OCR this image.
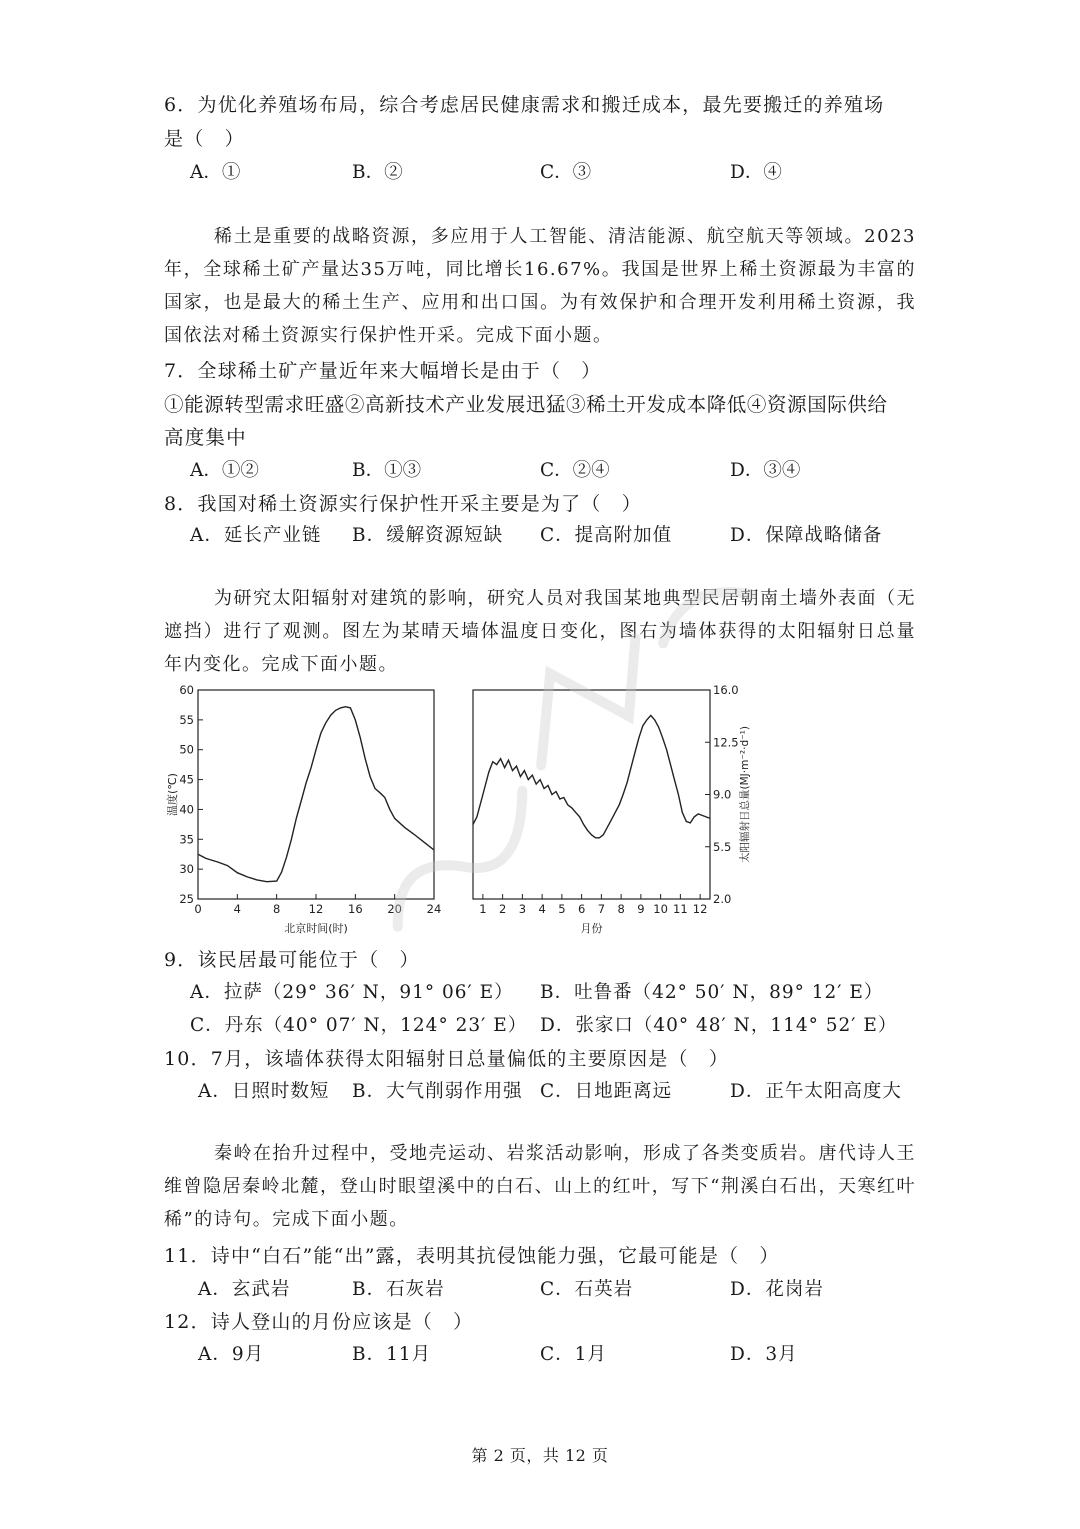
6．为优化养殖场布局，综合考虑居民健康需求和搬迁成本，最先要搬迁的养殖场
是（　）
A．①	B．②	C．③	D．④
稀土是重要的战略资源，多应用于人工智能、清洁能源、航空航天等领域。2023年，全球稀土矿产量达35万吨，同比增长16.67%。我国是世界上稀土资源最为丰富的国家，也是最大的稀土生产、应用和出口国。为有效保护和合理开发利用稀土资源，我国依法对稀土资源实行保护性开采。完成下面小题。
7．全球稀土矿产量近年来大幅增长是由于（　）
①能源转型需求旺盛②高新技术产业发展迅猛③稀土开发成本降低④资源国际供给
高度集中
A．①②	B．①③	C．②④	D．③④
8．我国对稀土资源实行保护性开采主要是为了（　）
A．延长产业链 B．缓解资源短缺 C．提高附加值	D．保障战略储备
为研究太阳辐射对建筑的影响，研究人员对我国某地典型民居朝南土墙外表面（无遮挡）进行了观测。图左为某晴天墙体温度日变化，图右为墙体获得的太阳辐射日总量年内变化。完成下面小题。
25
30
35
40
45
50
55
60
0	4	8 12 16 20 24
北京时间(时)
温度(℃)
2.0
5.5
9.0
12.5
16.0
1 2 3 4 5 6 7 8 9 10 11 12
月份
太阳辐射日总量(MJ·m⁻²·d⁻¹)
9．该民居最可能位于（　）
A．拉萨（29° 36′ N，91° 06′ E） B．吐鲁番（42° 50′ N，89° 12′ E）
C．丹东（40° 07′ N，124° 23′ E） D．张家口（40° 48′ N，114° 52′ E）
10．7月，该墙体获得太阳辐射日总量偏低的主要原因是（　）
A．日照时数短 B．大气削弱作用强 C．日地距离远	D．正午太阳高度大
秦岭在抬升过程中，受地壳运动、岩浆活动影响，形成了各类变质岩。唐代诗人王维曾隐居秦岭北麓，登山时眼望溪中的白石、山上的红叶，写下“荆溪白石出，天寒红叶稀”的诗句。完成下面小题。
11．诗中“白石”能“出”露，表明其抗侵蚀能力强，它最可能是（　）
A．玄武岩	B．石灰岩	C．石英岩	D．花岗岩
12．诗人登山的月份应该是（　）
A．9月	B．11月	C．1月	D．3月
第 2 页，共 12 页
